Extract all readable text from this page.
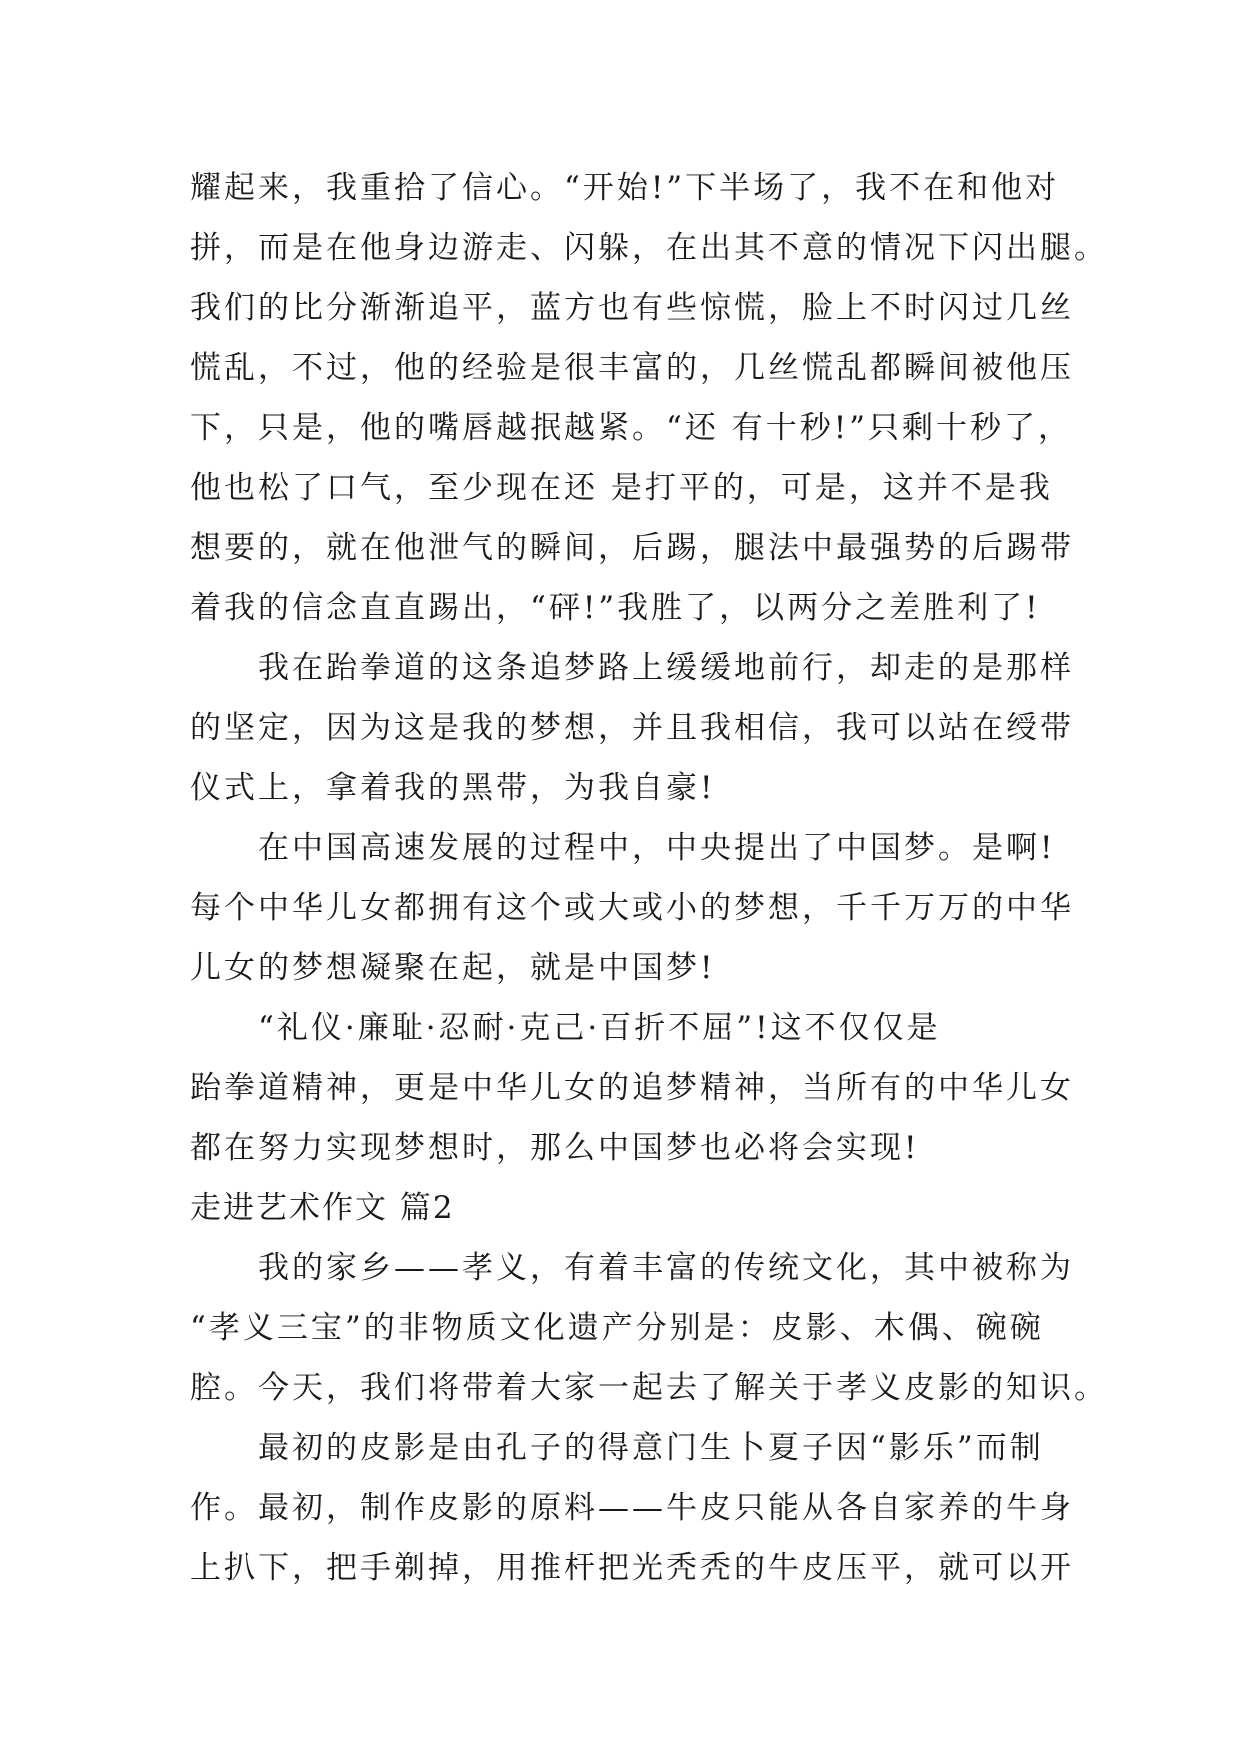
耀起来，我重拾了信心。“开始!”下半场了，我不在和他对
拼，而是在他身边游走、闪躲，在出其不意的情况下闪出腿。
我们的比分渐渐追平，蓝方也有些惊慌，脸上不时闪过几丝
慌乱，不过，他的经验是很丰富的，几丝慌乱都瞬间被他压
下，只是，他的嘴唇越抿越紧。“还 有十秒!”只剩十秒了，
他也松了口气，至少现在还 是打平的，可是，这并不是我
想要的，就在他泄气的瞬间，后踢，腿法中最强势的后踢带
着我的信念直直踢出，“砰!”我胜了，以两分之差胜利了!
我在跆拳道的这条追梦路上缓缓地前行，却走的是那样
的坚定，因为这是我的梦想，并且我相信，我可以站在绶带
仪式上，拿着我的黑带，为我自豪!
在中国高速发展的过程中，中央提出了中国梦。是啊!
每个中华儿女都拥有这个或大或小的梦想，千千万万的中华
儿女的梦想凝聚在起，就是中国梦!
“礼仪·廉耻·忍耐·克己·百折不屈”!这不仅仅是
跆拳道精神，更是中华儿女的追梦精神，当所有的中华儿女
都在努力实现梦想时，那么中国梦也必将会实现!
走进艺术作文 篇2
我的家乡——孝义，有着丰富的传统文化，其中被称为
“孝义三宝”的非物质文化遗产分别是：皮影、木偶、碗碗
腔。今天，我们将带着大家一起去了解关于孝义皮影的知识。
最初的皮影是由孔子的得意门生卜夏子因“影乐”而制
作。最初，制作皮影的原料——牛皮只能从各自家养的牛身
上扒下，把手剃掉，用推杆把光秃秃的牛皮压平，就可以开
